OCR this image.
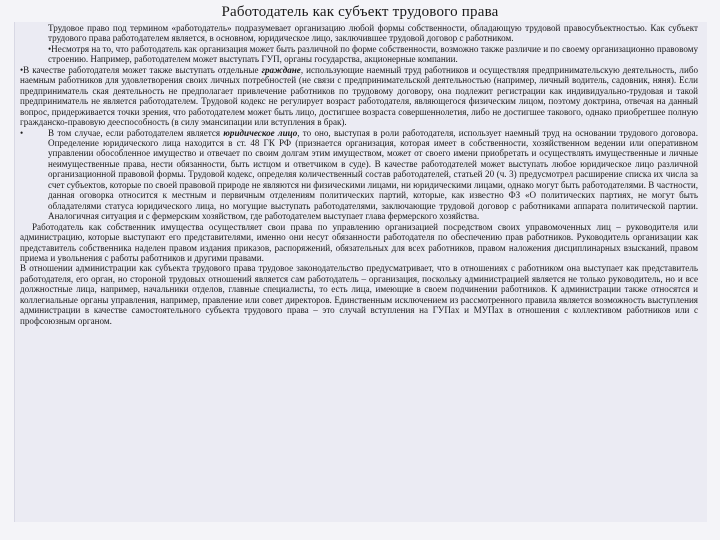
Работодатель как субъект трудового права

Трудовое право под термином «работодатель» подразумевает организацию любой формы собственности, обладающую трудовой правосубъектностью. Как субъект трудового права работодателем является, в основном, юридическое лицо, заключившее трудовой договор с работником.

•Несмотря на то, что работодатель как организация может быть различной по форме собственности, возможно также различие и по своему организационно правовому строению. Например, работодателем может выступать ГУП, органы государства, акционерные компании.

•В качестве работодателя может также выступать отдельные граждане, использующие наемный труд работников и осуществляя предпринимательскую деятельность, либо наемным работников для удовлетворения своих личных потребностей (не связи с предпринимательской деятельностью (например, личный водитель, садовник, няня). Если предприниматель ская деятельность не предполагает привлечение работников по трудовому договору, она подлежит регистрации как индивидуально-трудовая и такой предприниматель не является работодателем. Трудовой кодекс не регулирует возраст работодателя, являющегося физическим лицом, поэтому доктрина, отвечая на данный вопрос, придерживается точки зрения, что работодателем может быть лицо, достигшее возраста совершеннолетия, либо не достигшее такового, однако приобретшее полную гражданско-правовую дееспособность (в силу эмансипации или вступления в брак).

•	В том случае, если работодателем является юридическое лицо, то оно, выступая в роли работодателя, использует наемный труд на основании трудового договора. Определение юридического лица находится в ст. 48 ГК РФ (признается организация, которая имеет в собственности, хозяйственном ведении или оперативном управлении обособленное имущество и отвечает по своим долгам этим имуществом, может от своего имени приобретать и осуществлять имущественные и личные неимущественные права, нести обязанности, быть истцом и ответчиком в суде). В качестве работодателей может выступать любое юридическое лицо различной организационной правовой формы. Трудовой кодекс, определяя количественный состав работодателей, статьей 20 (ч. 3) предусмотрел расширение списка их числа за счет субъектов, которые по своей правовой природе не являются ни физическими лицами, ни юридическими лицами, однако могут быть работодателями. В частности, данная оговорка относится к местным и первичным отделениям политических партий, которые, как известно ФЗ «О политических партиях, не могут быть обладателями статуса юридического лица, но могущие выступать работодателями, заключающие трудовой договор с работниками аппарата политической партии. Аналогичная ситуация и с фермерским хозяйством, где работодателем выступает глава фермерского хозяйства.

Работодатель как собственник имущества осуществляет свои права по управлению организацией посредством своих управомоченных лиц – руководителя или администрацию, которые выступают его представителями, именно они несут обязанности работодателя по обеспечению прав работников. Руководитель организации как представитель собственника наделен правом издания приказов, распоряжений, обязательных для всех работников, правом наложения дисциплинарных взысканий, правом приема и увольнения с работы работников и другими правами.

В отношении администрации как субъекта трудового права трудовое законодательство предусматривает, что в отношениях с работником она выступает как представитель работодателя, его орган, но стороной трудовых отношений является сам работодатель – организация, поскольку администрацией является не только руководитель, но и все должностные лица, например, начальники отделов, главные специалисты, то есть лица, имеющие в своем подчинении работников. К администрации также относятся и коллегиальные органы управления, например, правление или совет директоров. Единственным исключением из рассмотренного правила является возможность выступления администрации в качестве самостоятельного субъекта трудового права – это случай вступления на ГУПах и МУПах в отношения с коллективом работников или с профсоюзным органом.
